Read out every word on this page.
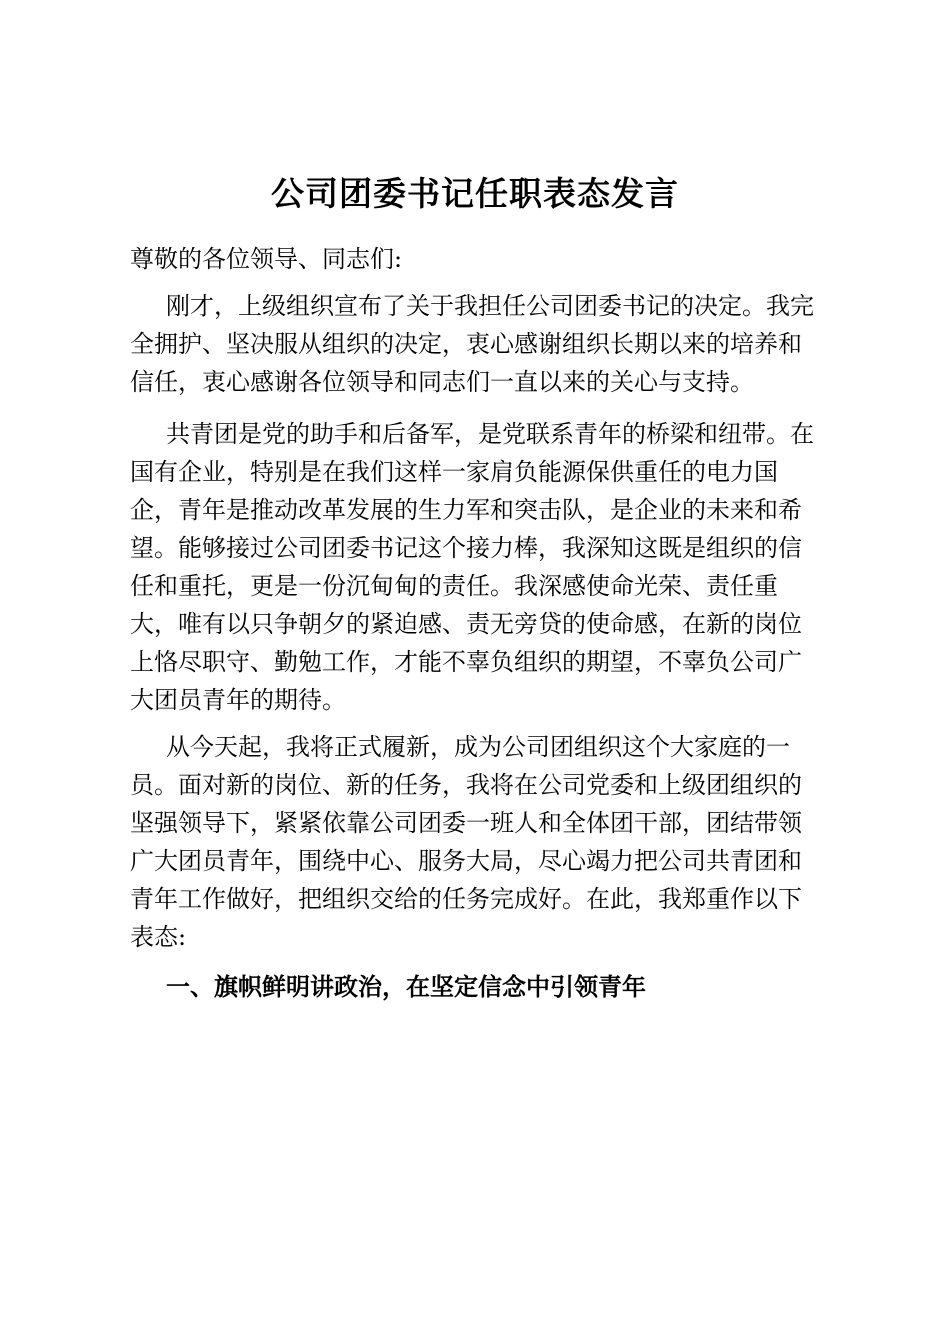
公司团委书记任职表态发言

尊敬的各位领导、同志们:

刚才，上级组织宣布了关于我担任公司团委书记的决定。我完全拥护、坚决服从组织的决定，衷心感谢组织长期以来的培养和信任，衷心感谢各位领导和同志们一直以来的关心与支持。

共青团是党的助手和后备军，是党联系青年的桥梁和纽带。在国有企业，特别是在我们这样一家肩负能源保供重任的电力国企，青年是推动改革发展的生力军和突击队，是企业的未来和希望。能够接过公司团委书记这个接力棒，我深知这既是组织的信任和重托，更是一份沉甸甸的责任。我深感使命光荣、责任重大，唯有以只争朝夕的紧迫感、责无旁贷的使命感，在新的岗位上恪尽职守、勤勉工作，才能不辜负组织的期望，不辜负公司广大团员青年的期待。

从今天起，我将正式履新，成为公司团组织这个大家庭的一员。面对新的岗位、新的任务，我将在公司党委和上级团组织的坚强领导下，紧紧依靠公司团委一班人和全体团干部，团结带领广大团员青年，围绕中心、服务大局，尽心竭力把公司共青团和青年工作做好，把组织交给的任务完成好。在此，我郑重作以下表态:

一、旗帜鲜明讲政治，在坚定信念中引领青年
